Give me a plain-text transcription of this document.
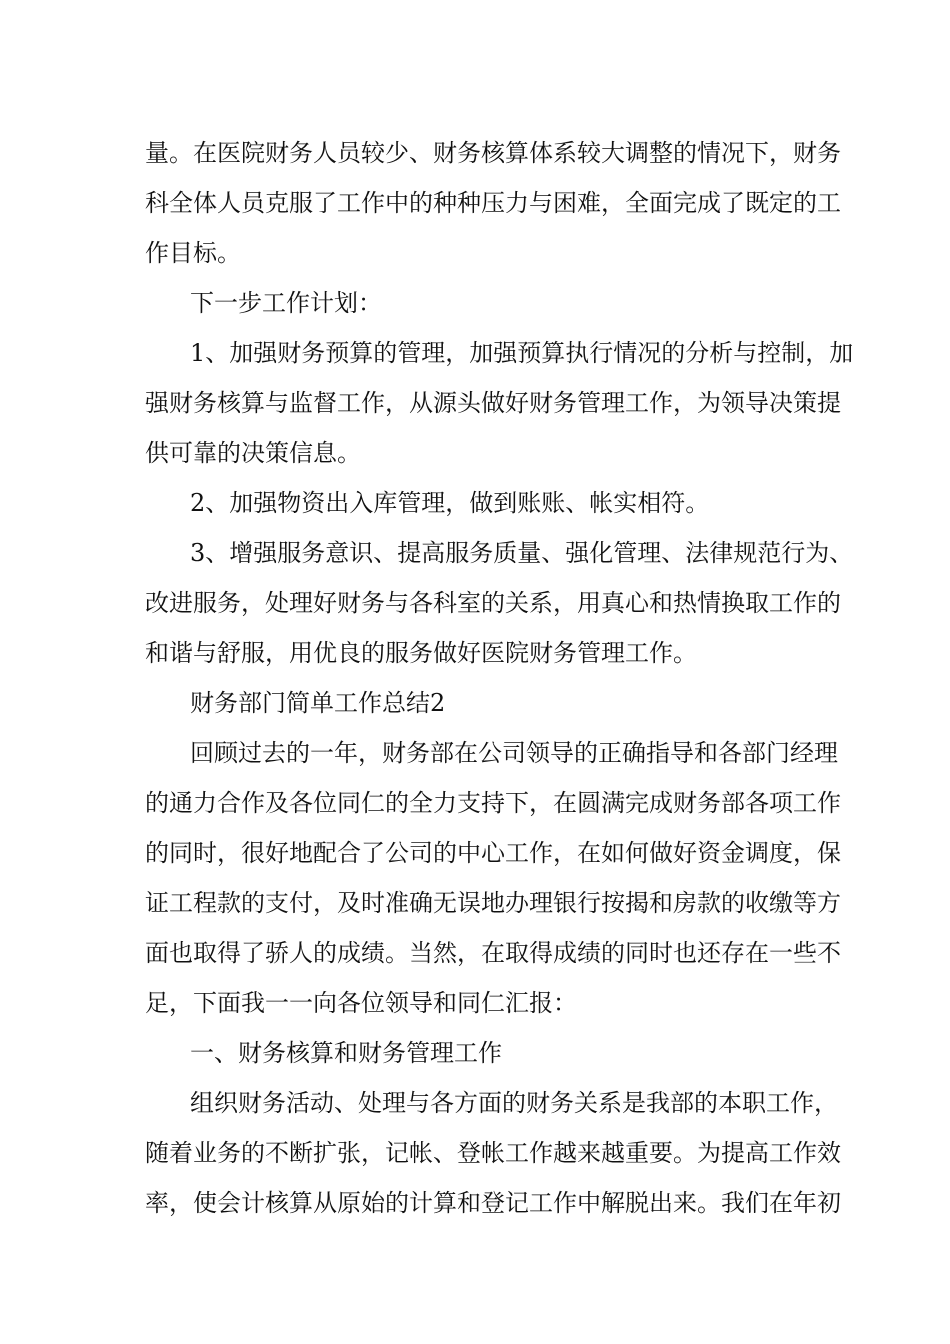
量。在医院财务人员较少、财务核算体系较大调整的情况下，财务
科全体人员克服了工作中的种种压力与困难，全面完成了既定的工
作目标。
下一步工作计划：
1、加强财务预算的管理，加强预算执行情况的分析与控制，加
强财务核算与监督工作，从源头做好财务管理工作，为领导决策提
供可靠的决策信息。
2、加强物资出入库管理，做到账账、帐实相符。
3、增强服务意识、提高服务质量、强化管理、法律规范行为、
改进服务，处理好财务与各科室的关系，用真心和热情换取工作的
和谐与舒服，用优良的服务做好医院财务管理工作。
财务部门简单工作总结2
回顾过去的一年，财务部在公司领导的正确指导和各部门经理
的通力合作及各位同仁的全力支持下，在圆满完成财务部各项工作
的同时，很好地配合了公司的中心工作，在如何做好资金调度，保
证工程款的支付，及时准确无误地办理银行按揭和房款的收缴等方
面也取得了骄人的成绩。当然，在取得成绩的同时也还存在一些不
足，下面我一一向各位领导和同仁汇报：
一、财务核算和财务管理工作
组织财务活动、处理与各方面的财务关系是我部的本职工作，
随着业务的不断扩张，记帐、登帐工作越来越重要。为提高工作效
率，使会计核算从原始的计算和登记工作中解脱出来。我们在年初
